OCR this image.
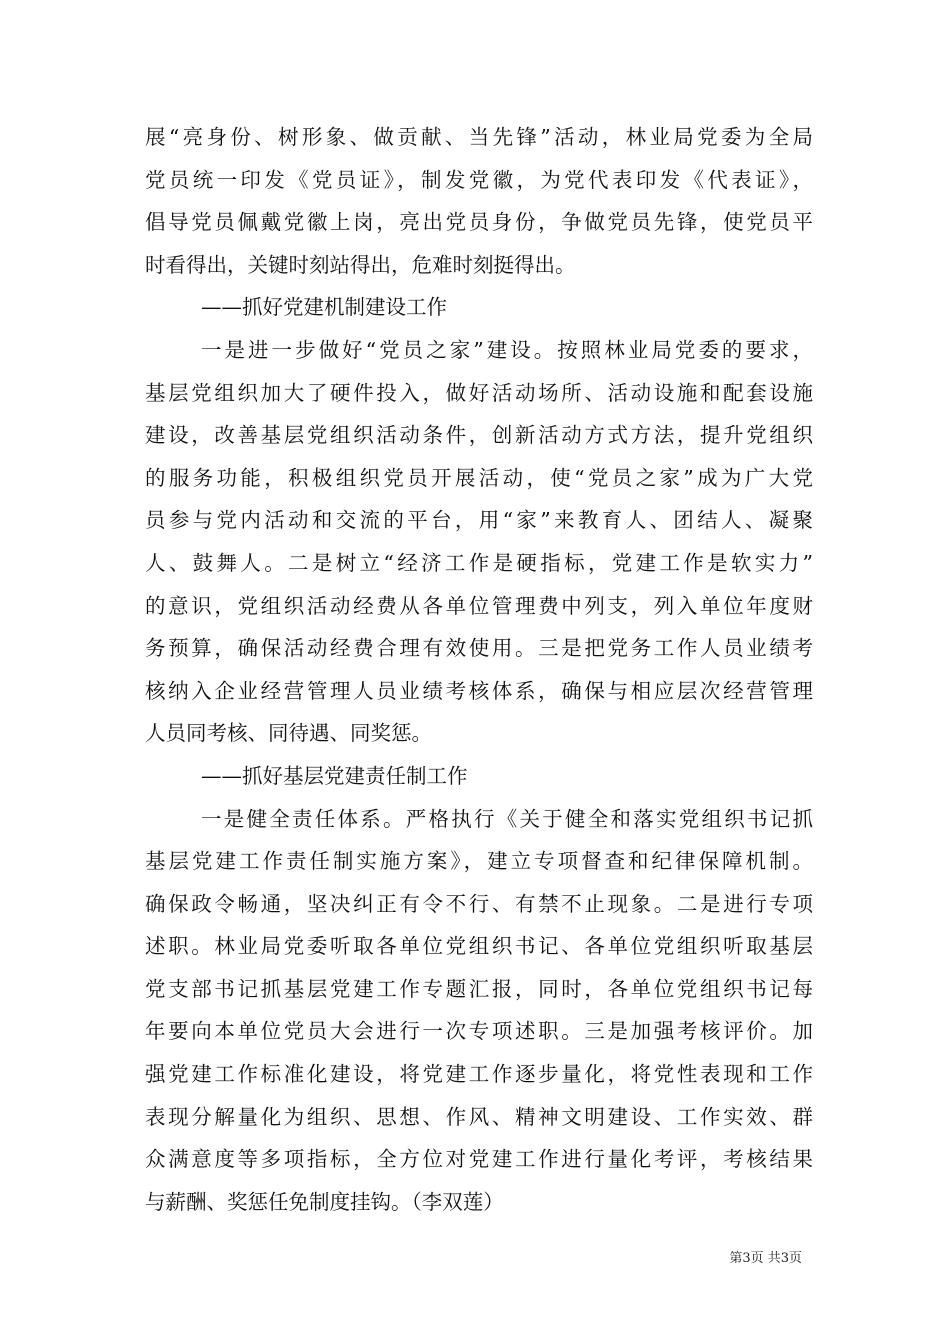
展“亮身份、树形象、做贡献、当先锋”活动，林业局党委为全局
党员统一印发《党员证》，制发党徽，为党代表印发《代表证》，
倡导党员佩戴党徽上岗，亮出党员身份，争做党员先锋，使党员平
时看得出，关键时刻站得出，危难时刻挺得出。
——抓好党建机制建设工作
一是进一步做好“党员之家”建设。按照林业局党委的要求，
基层党组织加大了硬件投入，做好活动场所、活动设施和配套设施
建设，改善基层党组织活动条件，创新活动方式方法，提升党组织
的服务功能，积极组织党员开展活动，使“党员之家”成为广大党
员参与党内活动和交流的平台，用“家”来教育人、团结人、凝聚
人、鼓舞人。二是树立“经济工作是硬指标，党建工作是软实力”
的意识，党组织活动经费从各单位管理费中列支，列入单位年度财
务预算，确保活动经费合理有效使用。三是把党务工作人员业绩考
核纳入企业经营管理人员业绩考核体系，确保与相应层次经营管理
人员同考核、同待遇、同奖惩。
——抓好基层党建责任制工作
一是健全责任体系。严格执行《关于健全和落实党组织书记抓
基层党建工作责任制实施方案》，建立专项督查和纪律保障机制。
确保政令畅通，坚决纠正有令不行、有禁不止现象。二是进行专项
述职。林业局党委听取各单位党组织书记、各单位党组织听取基层
党支部书记抓基层党建工作专题汇报，同时，各单位党组织书记每
年要向本单位党员大会进行一次专项述职。三是加强考核评价。加
强党建工作标准化建设，将党建工作逐步量化，将党性表现和工作
表现分解量化为组织、思想、作风、精神文明建设、工作实效、群
众满意度等多项指标，全方位对党建工作进行量化考评，考核结果
与薪酬、奖惩任免制度挂钩。（李双莲）
第3页 共3页
